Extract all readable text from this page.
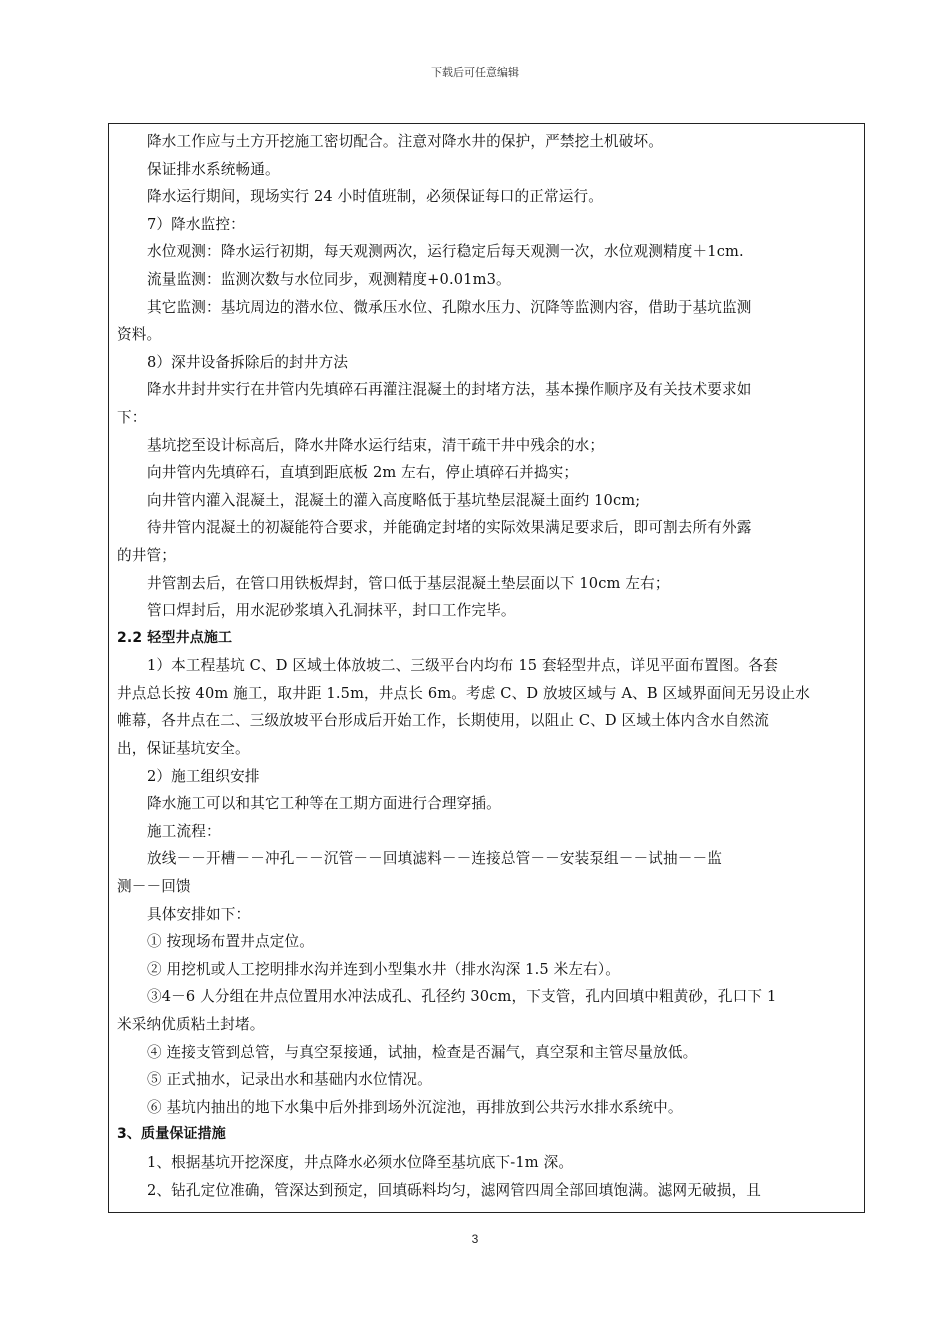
下载后可任意编辑
降水工作应与土方开挖施工密切配合。注意对降水井的保护，严禁挖土机破坏。
保证排水系统畅通。
降水运行期间，现场实行 24 小时值班制，必须保证每口的正常运行。
7）降水监控：
水位观测：降水运行初期，每天观测两次，运行稳定后每天观测一次，水位观测精度＋1cm.
流量监测：监测次数与水位同步，观测精度+0.01m3。
其它监测：基坑周边的潜水位、微承压水位、孔隙水压力、沉降等监测内容，借助于基坑监测
资料。
8）深井设备拆除后的封井方法
降水井封井实行在井管内先填碎石再灌注混凝土的封堵方法，基本操作顺序及有关技术要求如
下：
基坑挖至设计标高后，降水井降水运行结束，清干疏干井中残余的水；
向井管内先填碎石，直填到距底板 2m 左右，停止填碎石并捣实；
向井管内灌入混凝土，混凝土的灌入高度略低于基坑垫层混凝土面约 10cm;
待井管内混凝土的初凝能符合要求，并能确定封堵的实际效果满足要求后，即可割去所有外露
的井管；
井管割去后，在管口用铁板焊封，管口低于基层混凝土垫层面以下 10cm 左右；
管口焊封后，用水泥砂浆填入孔洞抹平，封口工作完毕。
2.2 轻型井点施工
1）本工程基坑 C、D 区域土体放坡二、三级平台内均布 15 套轻型井点，详见平面布置图。各套
井点总长按 40m 施工，取井距 1.5m，井点长 6m。考虑 C、D 放坡区域与 A、B 区域界面间无另设止水
帷幕，各井点在二、三级放坡平台形成后开始工作，长期使用，以阻止 C、D 区域土体内含水自然流
出，保证基坑安全。
2）施工组织安排
降水施工可以和其它工种等在工期方面进行合理穿插。
施工流程：
放线－－开槽－－冲孔－－沉管－－回填滤料－－连接总管－－安装泵组－－试抽－－监
测－－回馈
具体安排如下：
① 按现场布置井点定位。
② 用挖机或人工挖明排水沟并连到小型集水井（排水沟深 1.5 米左右）。
③4－6 人分组在井点位置用水冲法成孔、孔径约 30cm，下支管，孔内回填中粗黄砂，孔口下 1
米采纳优质粘土封堵。
④ 连接支管到总管，与真空泵接通，试抽，检查是否漏气，真空泵和主管尽量放低。
⑤ 正式抽水，记录出水和基础内水位情况。
⑥ 基坑内抽出的地下水集中后外排到场外沉淀池，再排放到公共污水排水系统中。
3、质量保证措施
1、根据基坑开挖深度，井点降水必须水位降至基坑底下-1m 深。
2、钻孔定位准确，管深达到预定，回填砾料均匀，滤网管四周全部回填饱满。滤网无破损，且
3
